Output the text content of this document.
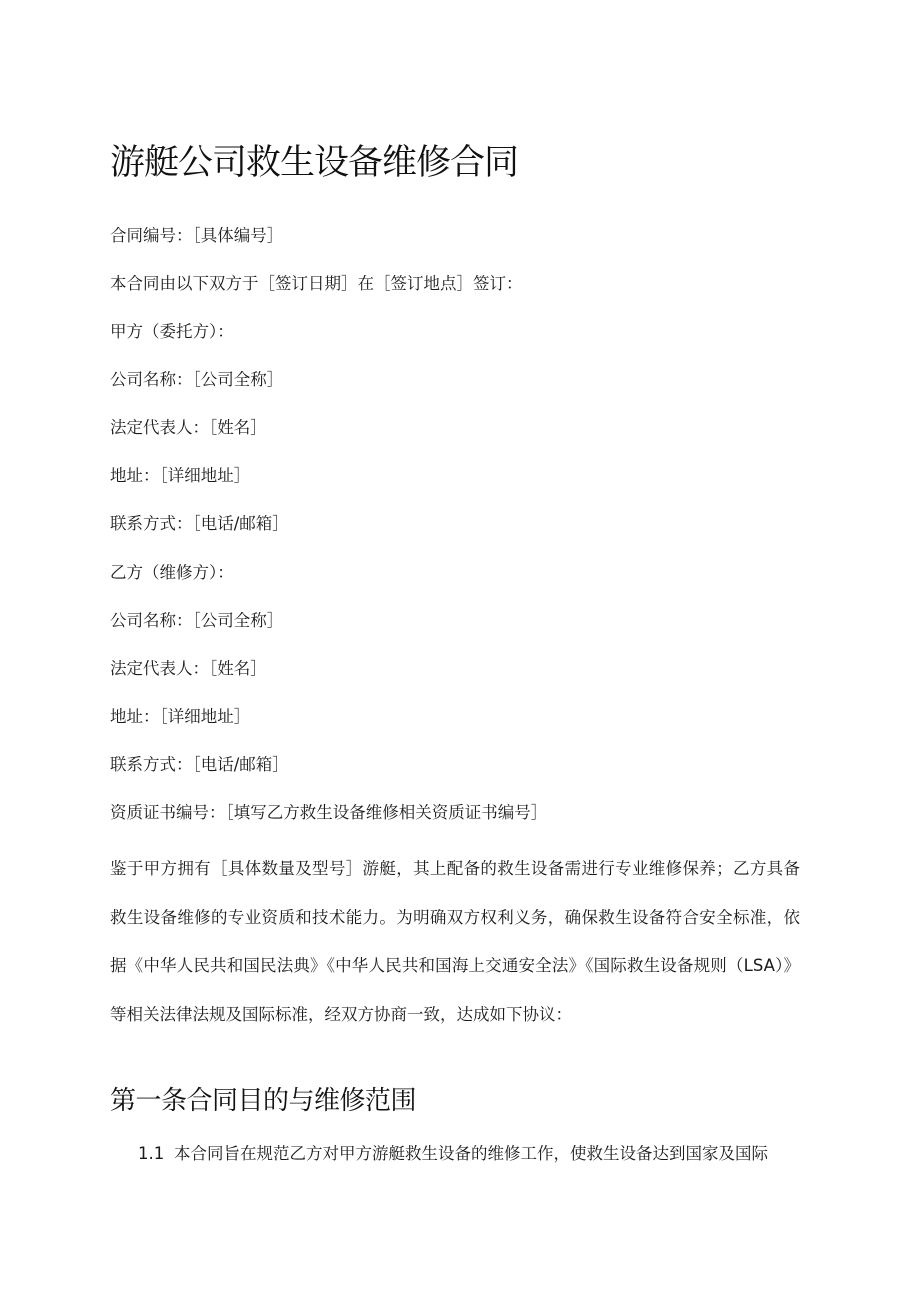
游艇公司救生设备维修合同

合同编号：［具体编号］

本合同由以下双方于［签订日期］在［签订地点］签订：

甲方（委托方）：

公司名称：［公司全称］

法定代表人：［姓名］

地址：［详细地址］

联系方式：［电话/邮箱］

乙方（维修方）：

公司名称：［公司全称］

法定代表人：［姓名］

地址：［详细地址］

联系方式：［电话/邮箱］

资质证书编号：［填写乙方救生设备维修相关资质证书编号］

鉴于甲方拥有［具体数量及型号］游艇，其上配备的救生设备需进行专业维修保养；乙方具备救生设备维修的专业资质和技术能力。为明确双方权利义务，确保救生设备符合安全标准，依据《中华人民共和国民法典》《中华人民共和国海上交通安全法》《国际救生设备规则（LSA）》等相关法律法规及国际标准，经双方协商一致，达成如下协议：

第一条合同目的与维修范围

1.1 本合同旨在规范乙方对甲方游艇救生设备的维修工作，使救生设备达到国家及国际
